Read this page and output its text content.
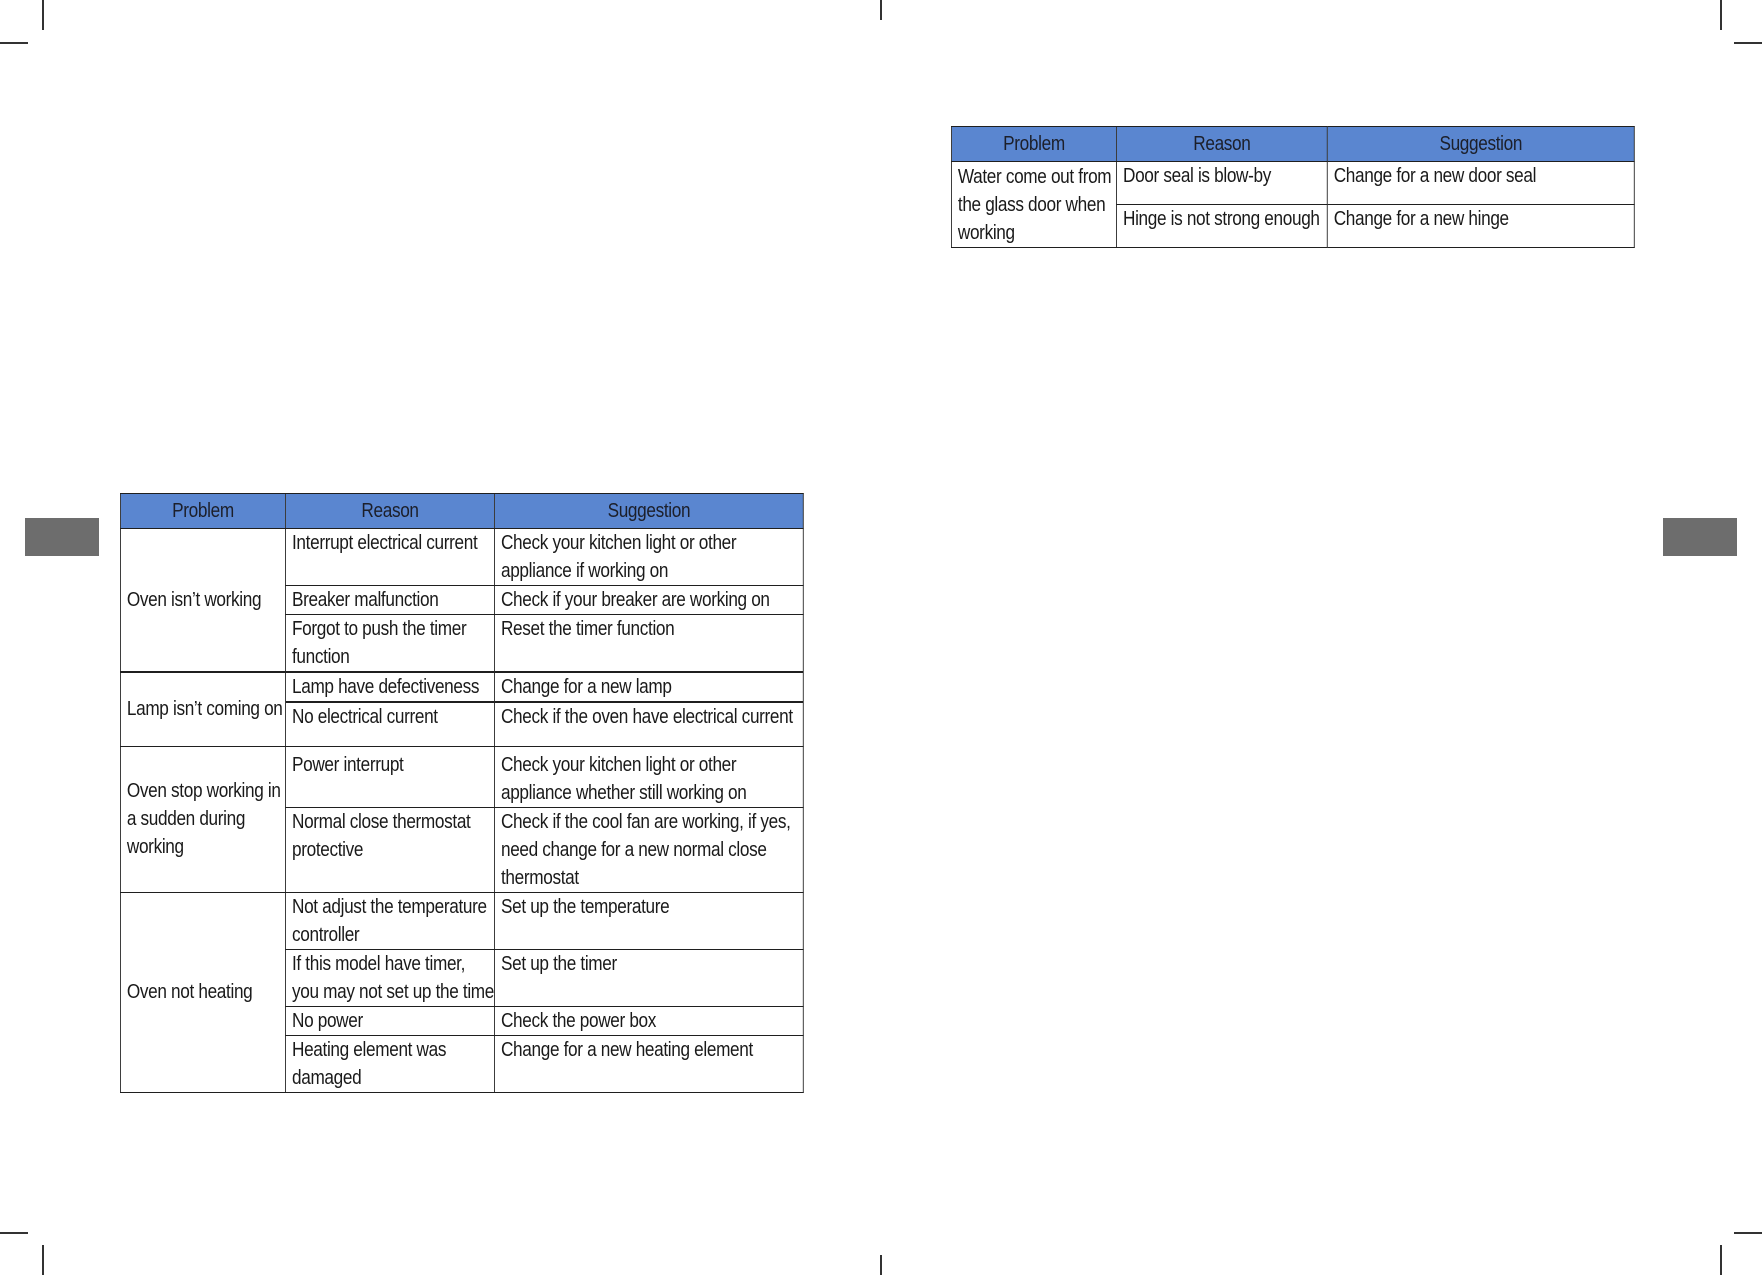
Problem	Reason	Suggestion
Water come out from the glass door when working	Door seal is blow-by	Change for a new door seal
	Hinge is not strong enough	Change for a new hinge
Problem	Reason	Suggestion
Oven isn’t working	Interrupt electrical current	Check your kitchen light or other appliance if working on
	Breaker malfunction	Check if your breaker are working on
	Forgot to push the timer function	Reset the timer function
Lamp isn’t coming on	Lamp have defectiveness	Change for a new lamp
	No electrical current	Check if the oven have electrical current
Oven stop working in a sudden during working	Power interrupt	Check your kitchen light or other appliance whether still working on
	Normal close thermostat protective	Check if the cool fan are working, if yes, need change for a new normal close thermostat
Oven not heating	Not adjust the temperature controller	Set up the temperature
	If this model have timer, you may not set up the time	Set up the timer
	No power	Check the power box
	Heating element was damaged	Change for a new heating element
